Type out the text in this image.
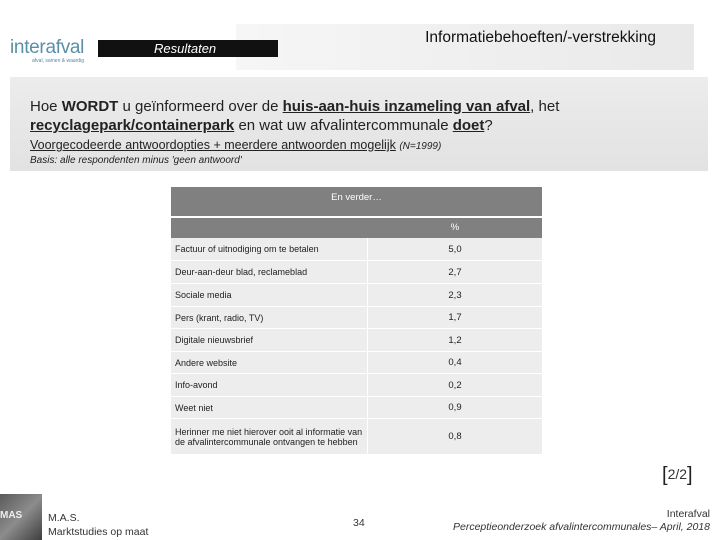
Informatiebehoeften/-verstrekking
Resultaten
interafval
afval, samen & waardig
Hoe WORDT u geïnformeerd over de huis-aan-huis inzameling van afval, het recyclagepark/containerpark en wat uw afvalintercommunale doet?
Voorgecodeerde antwoordopties + meerdere antwoorden mogelijk (N=1999)
Basis: alle respondenten minus 'geen antwoord'
En verder…
%
Factuur of uitnodiging om te betalen	5,0
Deur-aan-deur blad, reclameblad	2,7
Sociale media	2,3
Pers (krant, radio, TV)	1,7
Digitale nieuwsbrief	1,2
Andere website	0,4
Info-avond	0,2
Weet niet	0,9
Herinner me niet hierover ooit al informatie van de afvalintercommunale ontvangen te hebben	0,8
[2/2]
MAS M.A.S.
Marktstudies op maat
34
Interafval
Perceptieonderzoek afvalintercommunales– April, 2018
